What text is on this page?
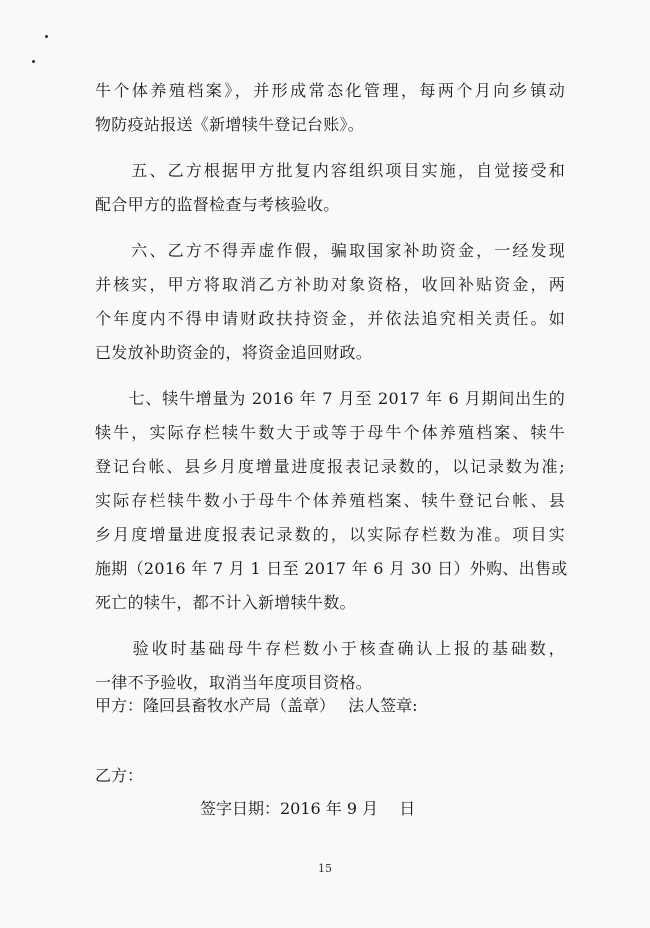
牛个体养殖档案》，并形成常态化管理，每两个月向乡镇动
物防疫站报送《新增犊牛登记台账》。
　　五、乙方根据甲方批复内容组织项目实施，自觉接受和
配合甲方的监督检查与考核验收。
　　六、乙方不得弄虚作假，骗取国家补助资金，一经发现
并核实，甲方将取消乙方补助对象资格，收回补贴资金，两
个年度内不得申请财政扶持资金，并依法追究相关责任。如
已发放补助资金的，将资金追回财政。
　　七、犊牛增量为 2016 年 7 月至 2017 年 6 月期间出生的
犊牛，实际存栏犊牛数大于或等于母牛个体养殖档案、犊牛
登记台帐、县乡月度增量进度报表记录数的，以记录数为准;
实际存栏犊牛数小于母牛个体养殖档案、犊牛登记台帐、县
乡月度增量进度报表记录数的，以实际存栏数为准。项目实
施期（2016 年 7 月 1 日至 2017 年 6 月 30 日）外购、出售或
死亡的犊牛，都不计入新增犊牛数。
　　验收时基础母牛存栏数小于核查确认上报的基础数，
一律不予验收，取消当年度项目资格。
甲方：隆回县畜牧水产局（盖章）　 法人签章:
乙方：
签字日期：2016 年 9 月　 日
15
